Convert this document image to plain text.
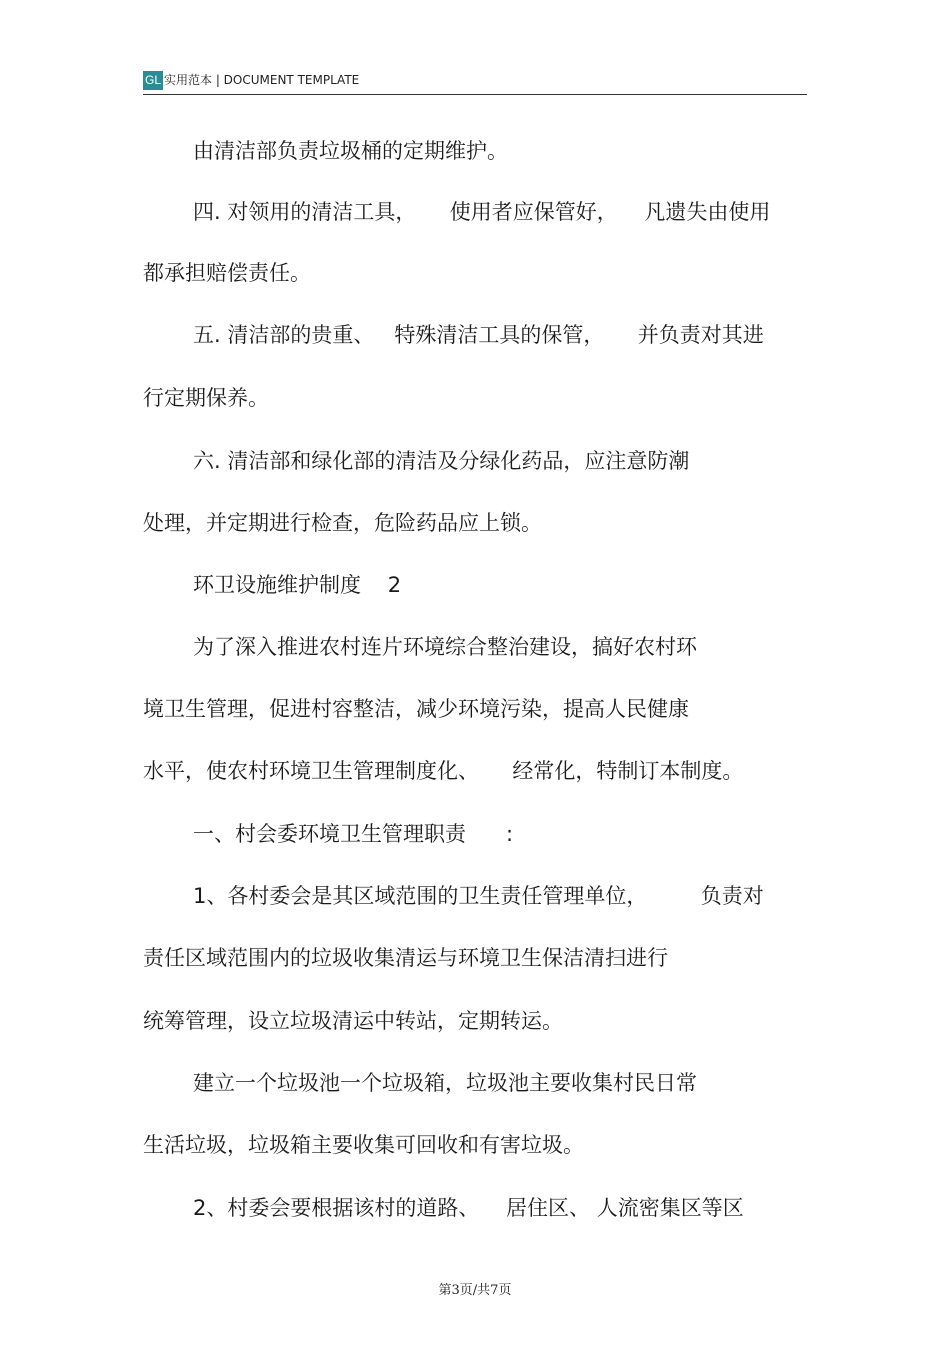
GL 实用范本 | DOCUMENT TEMPLATE
由清洁部负责垃圾桶的定期维护。
四. 对领用的清洁工具，     使用者应保管好，    凡遗失由使用
都承担赔偿责任。
五. 清洁部的贵重、   特殊清洁工具的保管，     并负责对其进
行定期保养。
六. 清洁部和绿化部的清洁及分绿化药品，应注意防潮
处理，并定期进行检查，危险药品应上锁。
环卫设施维护制度    2
为了深入推进农村连片环境综合整治建设，搞好农村环
境卫生管理，促进村容整洁，减少环境污染，提高人民健康
水平，使农村环境卫生管理制度化、     经常化，特制订本制度。
一、村会委环境卫生管理职责      :
1、各村委会是其区域范围的卫生责任管理单位，        负责对
责任区域范围内的垃圾收集清运与环境卫生保洁清扫进行
统筹管理，设立垃圾清运中转站，定期转运。
建立一个垃圾池一个垃圾箱，垃圾池主要收集村民日常
生活垃圾，垃圾箱主要收集可回收和有害垃圾。
2、村委会要根据该村的道路、    居住区、 人流密集区等区
第3页/共7页
